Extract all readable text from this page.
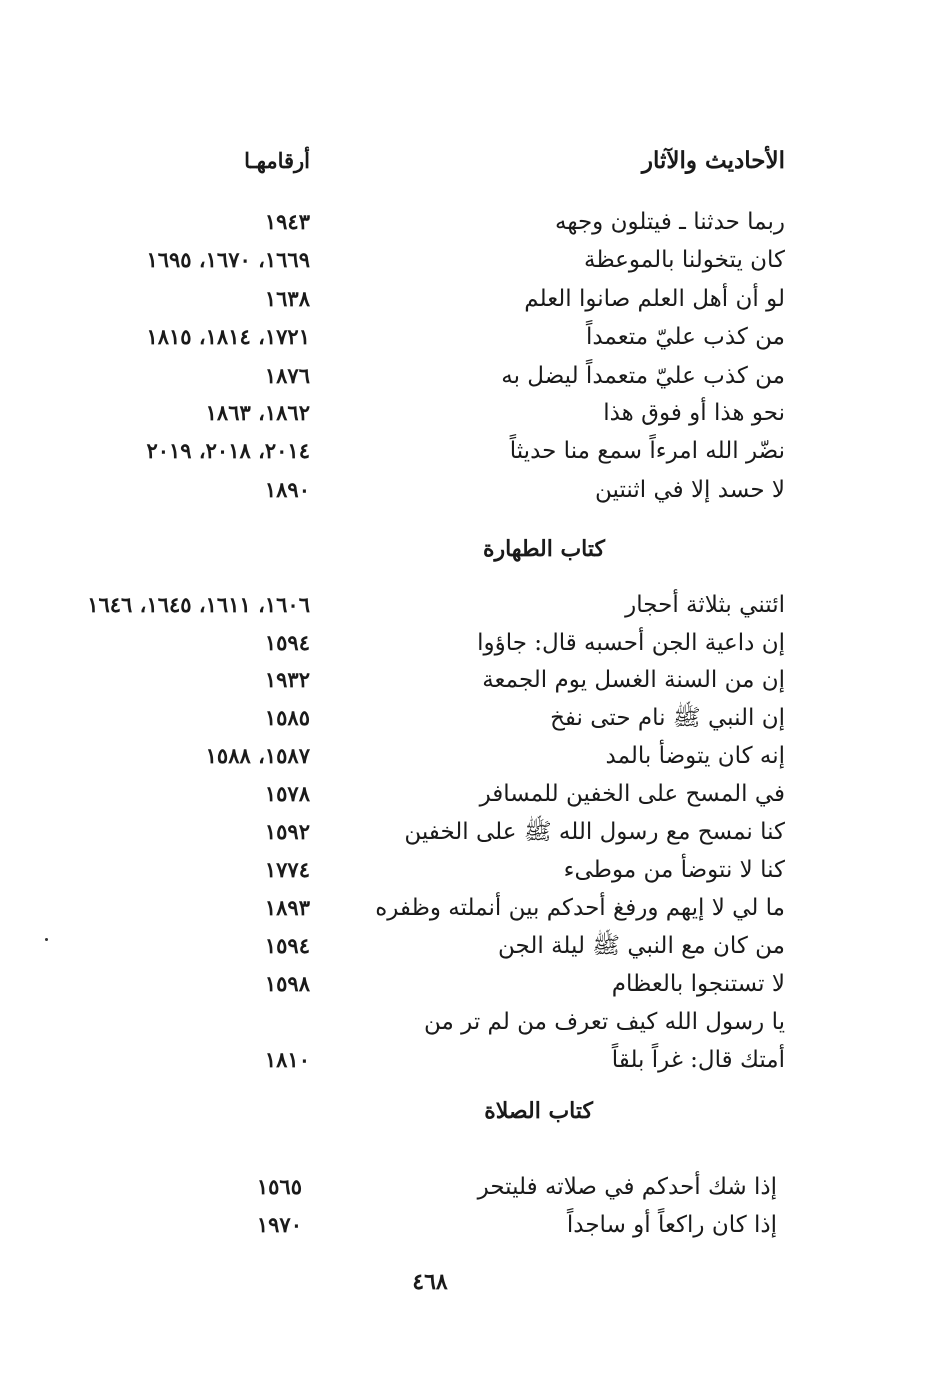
الأحاديث والآثار
أرقامهـا
ربما حدثنا ـ فيتلون وجهه
١٩٤٣
كان يتخولنا بالموعظة
١٦٦٩، ١٦٧٠، ١٦٩٥
لو أن أهل العلم صانوا العلم
١٦٣٨
من كذب عليّ متعمداً
١٧٢١، ١٨١٤، ١٨١٥
من كذب عليّ متعمداً ليضل به
١٨٧٦
نحو هذا أو فوق هذا
١٨٦٢، ١٨٦٣
نضّر الله امرءاً سمع منا حديثاً
٢٠١٤، ٢٠١٨، ٢٠١٩
لا حسد إلا في اثنتين
١٨٩٠
كتاب الطهارة
ائتني بثلاثة أحجار
١٦٠٦، ١٦١١، ١٦٤٥، ١٦٤٦
إن داعية الجن أحسبه قال: جاؤوا
١٥٩٤
إن من السنة الغسل يوم الجمعة
١٩٣٢
إن النبي ﷺ نام حتى نفخ
١٥٨٥
إنه كان يتوضأ بالمد
١٥٨٧، ١٥٨٨
في المسح على الخفين للمسافر
١٥٧٨
كنا نمسح مع رسول الله ﷺ على الخفين
١٥٩٢
كنا لا نتوضأ من موطىء
١٧٧٤
ما لي لا إيهم ورفغ أحدكم بين أنملته وظفره
١٨٩٣
من كان مع النبي ﷺ ليلة الجن
١٥٩٤
لا تستنجوا بالعظام
١٥٩٨
يا رسول الله كيف تعرف من لم تر من
أمتك قال: غراً بلقاً
١٨١٠
كتاب الصلاة
إذا شك أحدكم في صلاته فليتحر
١٥٦٥
إذا كان راكعاً أو ساجداً
١٩٧٠
٤٦٨
